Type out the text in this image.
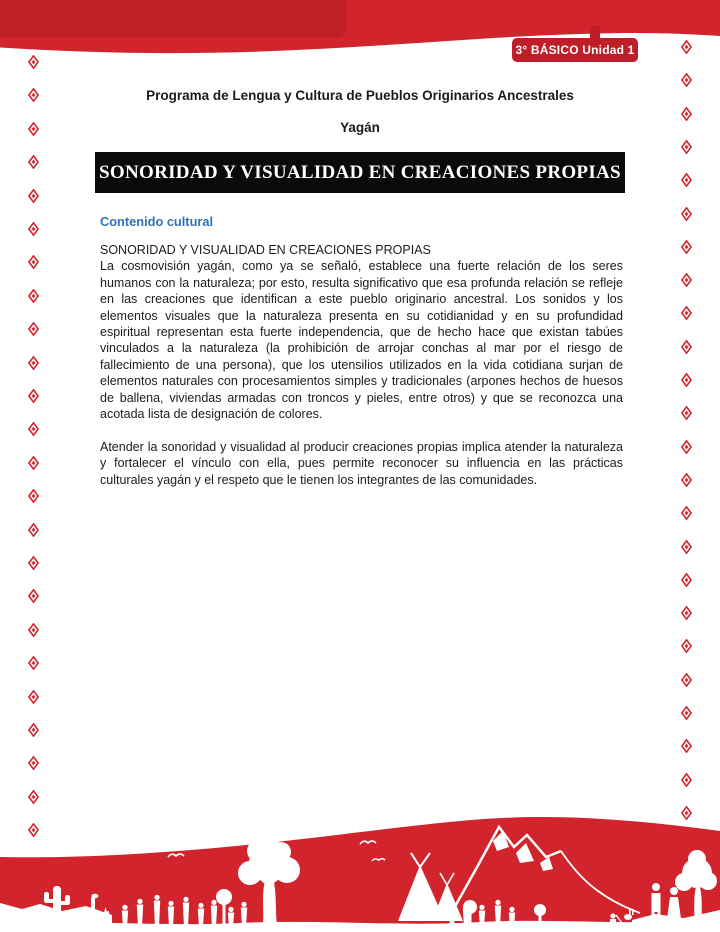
3° BÁSICO Unidad 1
Programa de Lengua y Cultura de Pueblos Originarios Ancestrales
Yagán
SONORIDAD Y VISUALIDAD EN CREACIONES PROPIAS
Contenido cultural
SONORIDAD Y VISUALIDAD EN CREACIONES PROPIAS

La cosmovisión yagán, como ya se señaló, establece una fuerte relación de los seres humanos con la naturaleza; por esto, resulta significativo que esa profunda relación se refleje en las creaciones que identifican a este pueblo originario ancestral. Los sonidos y los elementos visuales que la naturaleza presenta en su cotidianidad y en su profundidad espiritual representan esta fuerte independencia, que de hecho hace que existan tabúes vinculados a la naturaleza (la prohibición de arrojar conchas al mar por el riesgo de fallecimiento de una persona), que los utensilios utilizados en la vida cotidiana surjan de elementos naturales con procesamientos simples y tradicionales (arpones hechos de huesos de ballena, viviendas armadas con troncos y pieles, entre otros) y que se reconozca una acotada lista de designación de colores.

Atender la sonoridad y visualidad al producir creaciones propias implica atender la naturaleza y fortalecer el vínculo con ella, pues permite reconocer su influencia en las prácticas culturales yagán y el respeto que le tienen los integrantes de las comunidades.
